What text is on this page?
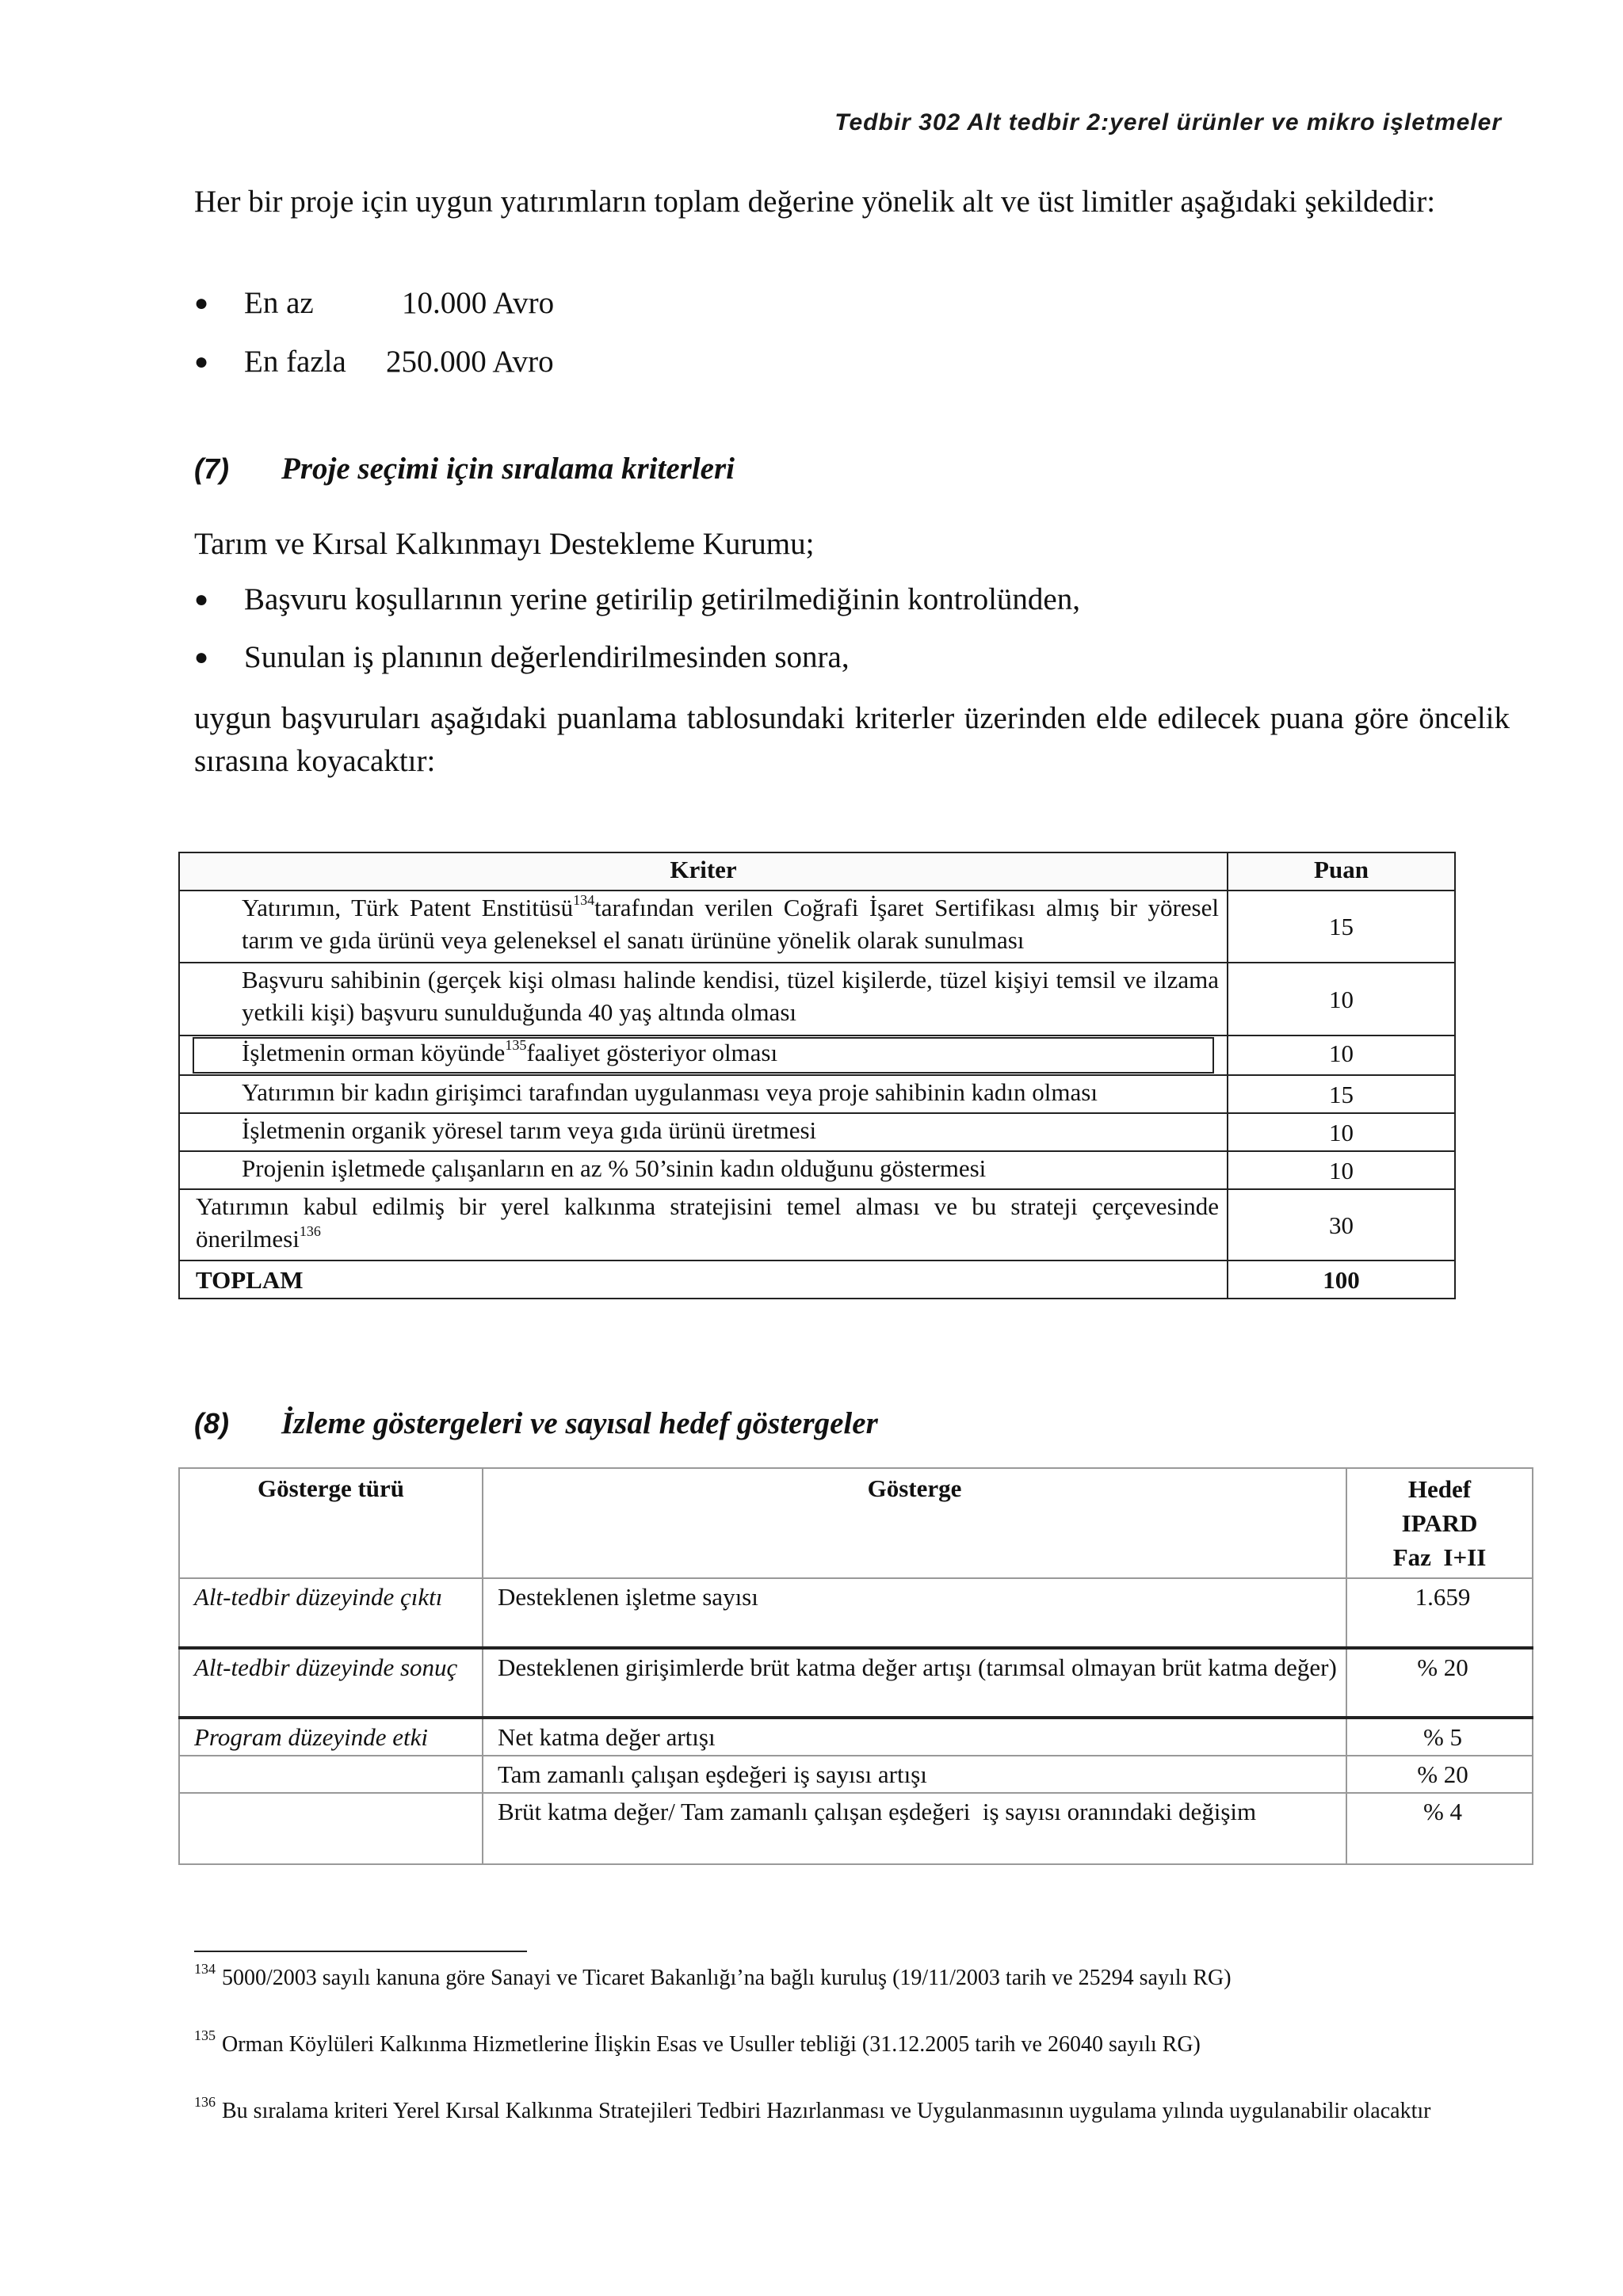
Tedbir 302 Alt tedbir 2:yerel ürünler ve mikro işletmeler

Her bir proje için uygun yatırımların toplam değerine yönelik alt ve üst limitler aşağıdaki şekildedir:

● En az	10.000 Avro
● En fazla 250.000 Avro
(7) Proje seçimi için sıralama kriterleri

Tarım ve Kırsal Kalkınmayı Destekleme Kurumu;

● Başvuru koşullarının yerine getirilip getirilmediğinin kontrolünden,
● Sunulan iş planının değerlendirilmesinden sonra,

uygun başvuruları aşağıdaki puanlama tablosundaki kriterler üzerinden elde edilecek puana göre öncelik sırasına koyacaktır:

Kriter	Puan
Yatırımın, Türk Patent Enstitüsü$^{134}$tarafından verilen Coğrafi İşaret Sertifikası almış bir yöresel tarım ve gıda ürünü veya geleneksel el sanatı ürününe yönelik olarak sunulması	15
Başvuru sahibinin (gerçek kişi olması halinde kendisi, tüzel kişilerde, tüzel kişiyi temsil ve ilzama yetkili kişi) başvuru sunulduğunda 40 yaş altında olması	10
İşletmenin orman köyünde$^{135}$faaliyet gösteriyor olması	10
Yatırımın bir kadın girişimci tarafından uygulanması veya proje sahibinin kadın olması	15
İşletmenin organik yöresel tarım veya gıda ürünü üretmesi	10
Projenin işletmede çalışanların en az % 50’sinin kadın olduğunu göstermesi	10
Yatırımın kabul edilmiş bir yerel kalkınma stratejisini temel alması ve bu strateji çerçevesinde önerilmesi$^{136}$	30
TOPLAM	100
(8) İzleme göstergeleri ve sayısal hedef göstergeler
Gösterge türü	Gösterge	Hedef
IPARD
Faz  I+II

Alt-tedbir düzeyinde çıktı	Desteklenen işletme sayısı	1.659
Alt-tedbir düzeyinde sonuç	Desteklenen girişimlerde brüt katma değer artışı (tarımsal olmayan brüt katma değer)	% 20
Program düzeyinde etki	Net katma değer artışı	% 5
	Tam zamanlı çalışan eşdeğeri iş sayısı artışı	% 20
	Brüt katma değer/ Tam zamanlı çalışan eşdeğeri  iş sayısı oranındaki değişim	% 4
$^{134}$ 5000/2003 sayılı kanuna göre Sanayi ve Ticaret Bakanlığı’na bağlı kuruluş (19/11/2003 tarih ve 25294 sayılı RG)
$^{135}$ Orman Köylüleri Kalkınma Hizmetlerine İlişkin Esas ve Usuller tebliği (31.12.2005 tarih ve 26040 sayılı RG)
$^{136}$ Bu sıralama kriteri Yerel Kırsal Kalkınma Stratejileri Tedbiri Hazırlanması ve Uygulanmasının uygulama yılında uygulanabilir olacaktır
